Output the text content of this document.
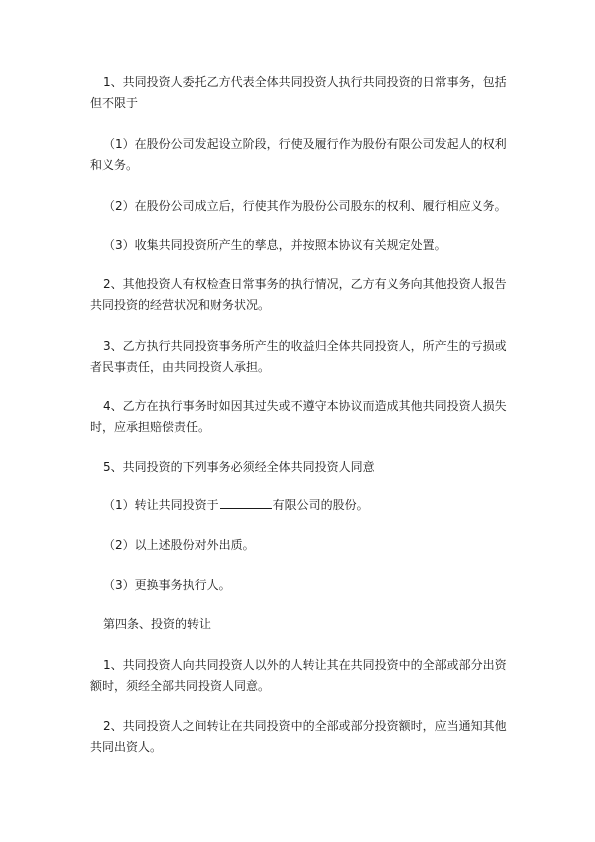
1、共同投资人委托乙方代表全体共同投资人执行共同投资的日常事务，包括但不限于

（1）在股份公司发起设立阶段，行使及履行作为股份有限公司发起人的权利和义务。

（2）在股份公司成立后，行使其作为股份公司股东的权利、履行相应义务。

（3）收集共同投资所产生的孳息，并按照本协议有关规定处置。

2、其他投资人有权检查日常事务的执行情况，乙方有义务向其他投资人报告共同投资的经营状况和财务状况。

3、乙方执行共同投资事务所产生的收益归全体共同投资人，所产生的亏损或者民事责任，由共同投资人承担。

4、乙方在执行事务时如因其过失或不遵守本协议而造成其他共同投资人损失时，应承担赔偿责任。

5、共同投资的下列事务必须经全体共同投资人同意

（1）转让共同投资于	有限公司的股份。

（2）以上述股份对外出质。

（3）更换事务执行人。

第四条、投资的转让

1、共同投资人向共同投资人以外的人转让其在共同投资中的全部或部分出资额时，须经全部共同投资人同意。

2、共同投资人之间转让在共同投资中的全部或部分投资额时，应当通知其他共同出资人。
